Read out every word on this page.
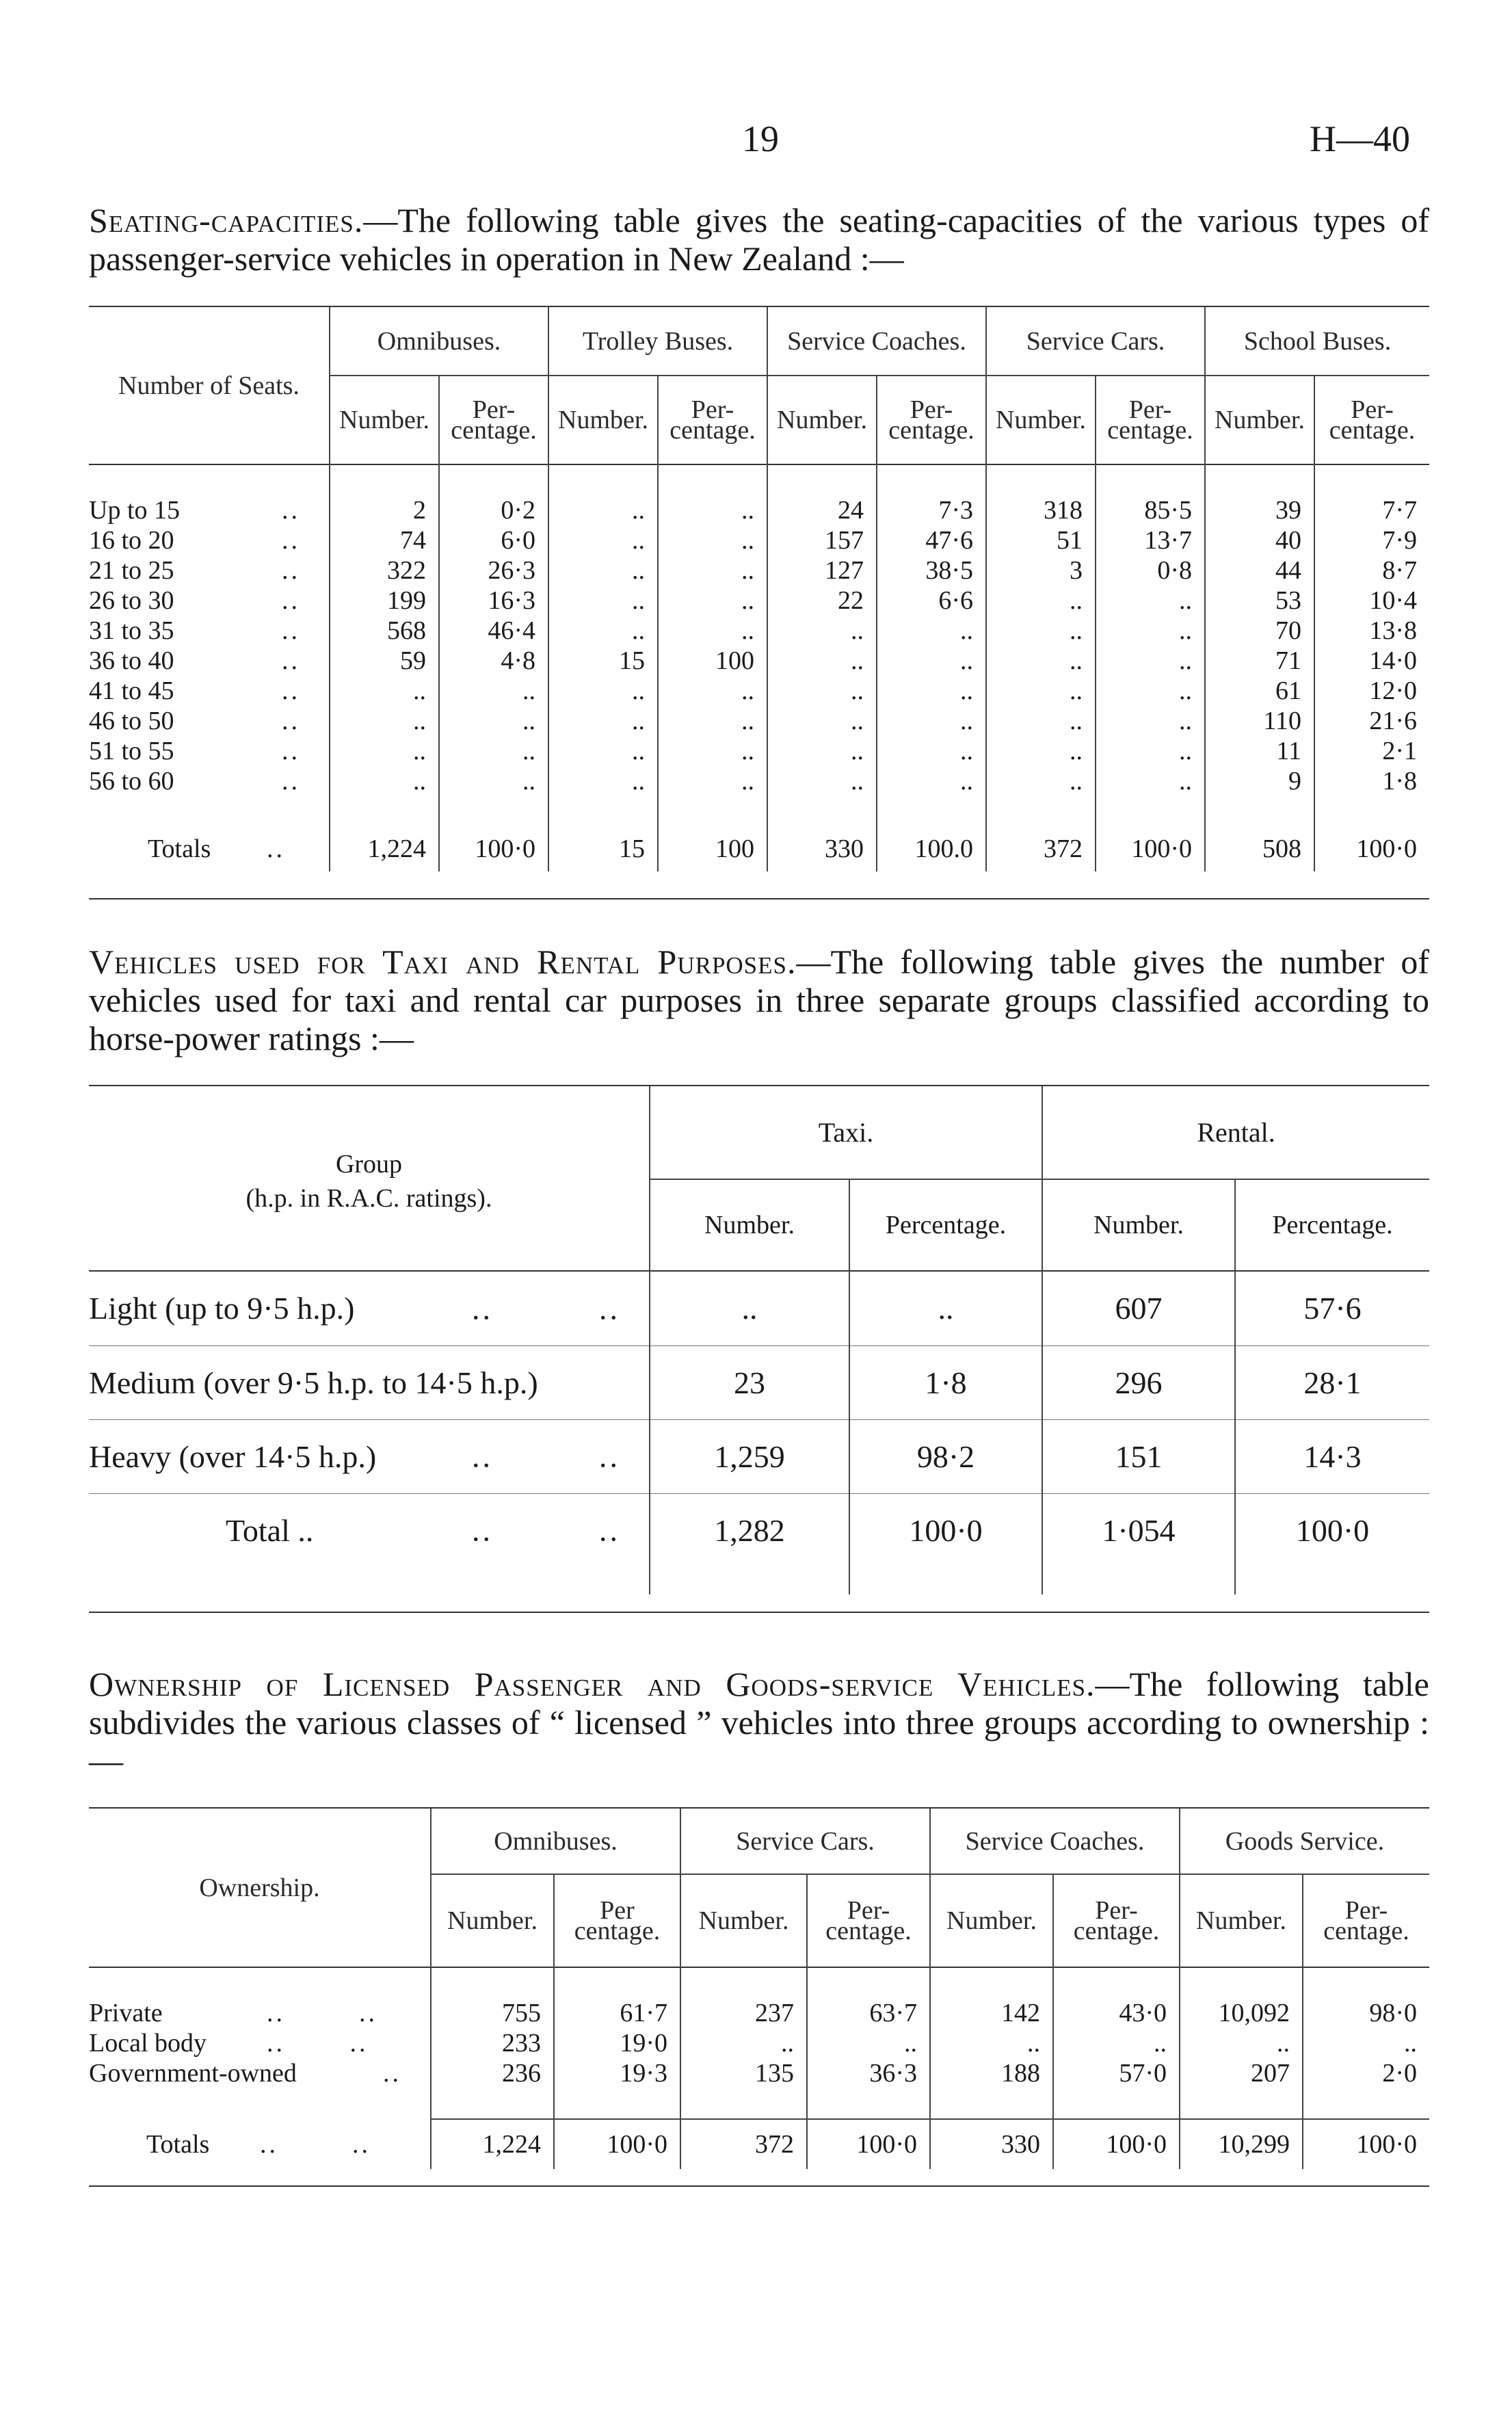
19	H—40
Seating-capacities.—The following table gives the seating-capacities of the various types of passenger-service vehicles in operation in New Zealand :—
Number of Seats.	Omnibuses.		Trolley Buses.		Service Coaches.		Service Cars.		School Buses.	
	Number.	Per-centage.	Number.	Per-centage.	Number.	Per-centage.	Number.	Per-centage.	Number.	Per-centage.

Up to 15 ..	2	0·2	..	..	24	7·3	318	85·5	39	7·7
16 to 20 ..	74	6·0	..	..	157	47·6	51	13·7	40	7·9
21 to 25 ..	322	26·3	..	..	127	38·5	3	0·8	44	8·7
26 to 30 ..	199	16·3	..	..	22	6·6	..	..	53	10·4
31 to 35 ..	568	46·4	..	..	..	..	..	..	70	13·8
36 to 40 ..	59	4·8	15	100	..	..	..	..	71	14·0
41 to 45 ..	..	..	..	..	..	..	..	..	61	12·0
46 to 50 ..	..	..	..	..	..	..	..	..	110	21·6
51 to 55 ..	..	..	..	..	..	..	..	..	11	2·1
56 to 60 ..	..	..	..	..	..	..	..	..	9	1·8

Totals ..	1,224	100·0	15	100	330	100.0	372	100·0	508	100·0
Vehicles used for Taxi and Rental Purposes.—The following table gives the number of vehicles used for taxi and rental car purposes in three separate groups classified according to horse-power ratings :—
Group
(h.p. in R.A.C. ratings).	Taxi.		Rental.	
	Number.	Percentage.	Number.	Percentage.

Light (up to 9·5 h.p.) ..          ..	..	..	607	57·6
Medium (over 9·5 h.p. to 14·5 h.p.)	23	1·8	296	28·1
Heavy (over 14·5 h.p.) ..          ..	1,259	98·2	151	14·3
Total .. ..          ..	1,282	100·0	1·054	100·0

Ownership of Licensed Passenger and Goods-service Vehicles.—The following table subdivides the various classes of “ licensed ” vehicles into three groups according to ownership :—
Ownership.	Omnibuses.		Service Cars.		Service Coaches.		Goods Service.	
	Number.	Per centage.	Number.	Per-centage.	Number.	Per-centage.	Number.	Per-centage.

Private ..        ..	755	61·7	237	63·7	142	43·0	10,092	98·0
Local body ..       ..	233	19·0	..	..	..	..	..	..
Government-owned ..	236	19·3	135	36·3	188	57·0	207	2·0

Totals ..        ..	1,224	100·0	372	100·0	330	100·0	10,299	100·0
